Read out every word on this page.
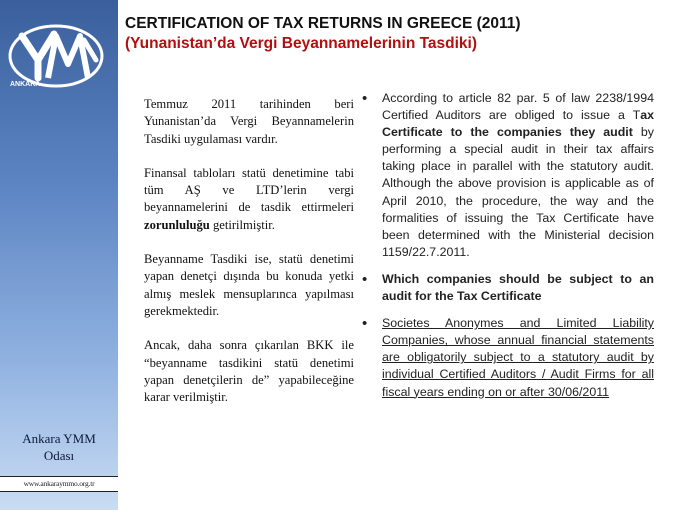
ANKARA
Ankara YMM
Odası
www.ankaraymmo.org.tr
CERTIFICATION OF TAX RETURNS IN GREECE (2011)
(Yunanistan’da Vergi Beyannamelerinin Tasdiki)

Temmuz 2011 tarihinden beri Yunanistan’da Vergi Beyannamelerin Tasdiki uygulaması vardır.

Finansal tabloları statü denetimine tabi tüm AŞ ve LTD’lerin vergi beyannamelerini de tasdik ettirmeleri zorunluluğu getirilmiştir.

Beyanname Tasdiki ise, statü denetimi yapan denetçi dışında bu konuda yetki almış meslek mensuplarınca yapılması gerekmektedir.

Ancak, daha sonra çıkarılan BKK ile “beyanname tasdikini statü denetimi yapan denetçilerin de” yapabileceğine karar verilmiştir.

•	According to article 82 par. 5 of law 2238/1994 Certified Auditors are obliged to issue a Tax Certificate to the companies they audit by performing a special audit in their tax affairs taking place in parallel with the statutory audit. Although the above provision is applicable as of April 2010, the procedure, the way and the formalities of issuing the Tax Certificate have been determined with the Ministerial decision 1159/22.7.2011.
•	Which companies should be subject to an audit for the Tax Certificate
•	Societes Anonymes and Limited Liability Companies, whose annual financial statements are obligatorily subject to a statutory audit by individual Certified Auditors / Audit Firms for all fiscal years ending on or after 30/06/2011
